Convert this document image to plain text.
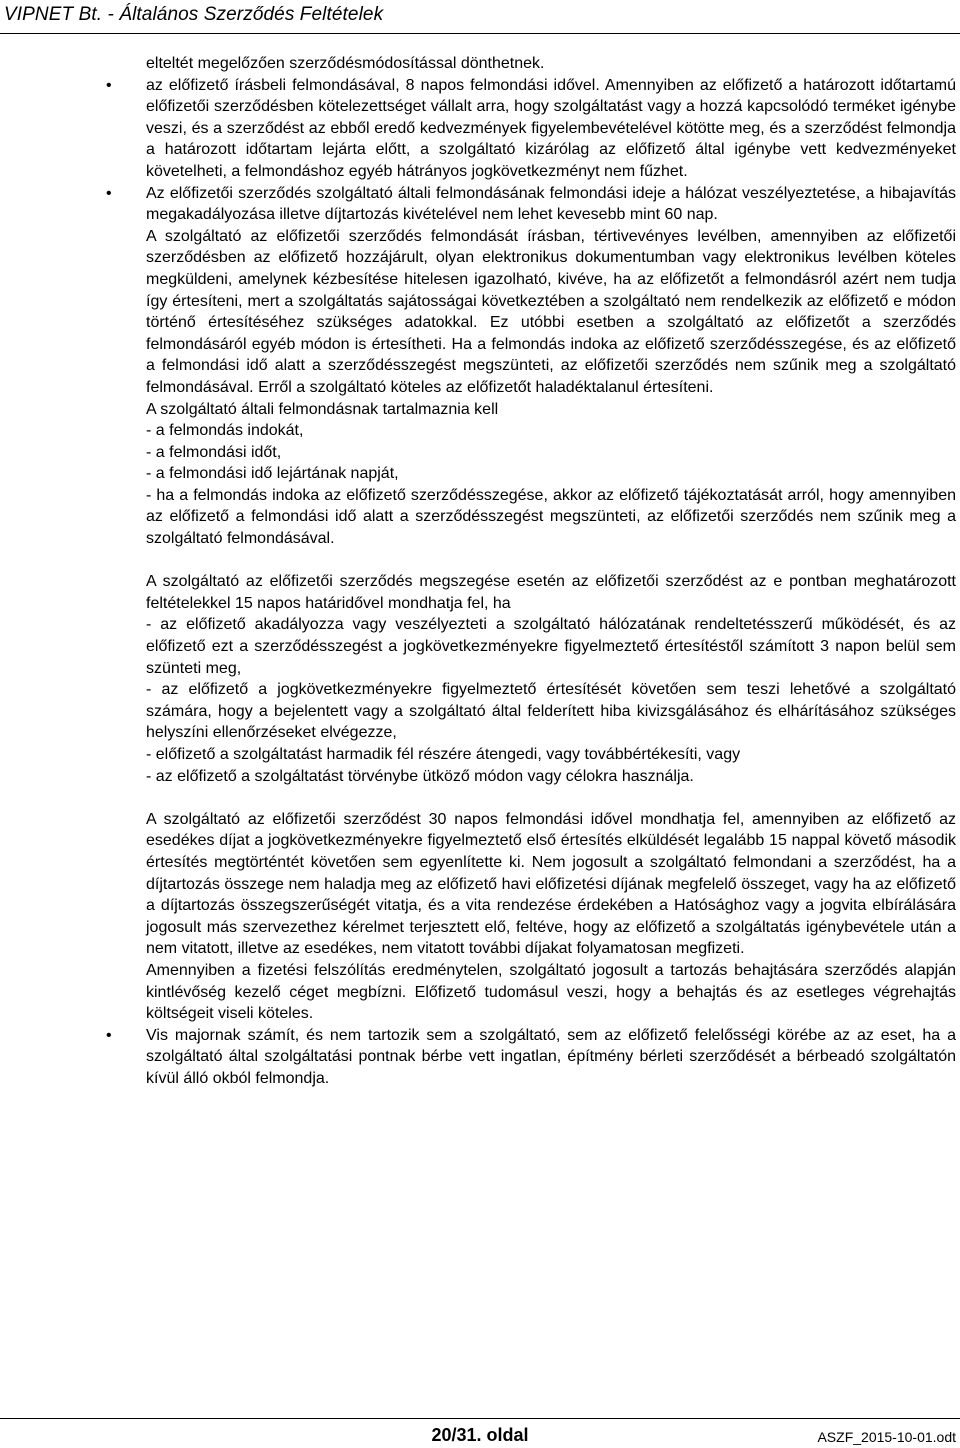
VIPNET Bt. - Általános Szerződés Feltételek

elteltét megelőzően szerződésmódosítással dönthetnek.

• az előfizető írásbeli felmondásával, 8 napos felmondási idővel. Amennyiben az előfizető a határozott időtartamú előfizetői szerződésben kötelezettséget vállalt arra, hogy szolgáltatást vagy a hozzá kapcsolódó terméket igénybe veszi, és a szerződést az ebből eredő kedvezmények figyelembevételével kötötte meg, és a szerződést felmondja a határozott időtartam lejárta előtt, a szolgáltató kizárólag az előfizető által igénybe vett kedvezményeket követelheti, a felmondáshoz egyéb hátrányos jogkövetkezményt nem fűzhet.

• Az előfizetői szerződés szolgáltató általi felmondásának felmondási ideje a hálózat veszélyeztetése, a hibajavítás megakadályozása illetve díjtartozás kivételével nem lehet kevesebb mint 60 nap.

A szolgáltató az előfizetői szerződés felmondását írásban, tértivevényes levélben, amennyiben az előfizetői szerződésben az előfizető hozzájárult, olyan elektronikus dokumentumban vagy elektronikus levélben köteles megküldeni, amelynek kézbesítése hitelesen igazolható, kivéve, ha az előfizetőt a felmondásról azért nem tudja így értesíteni, mert a szolgáltatás sajátosságai következtében a szolgáltató nem rendelkezik az előfizető e módon történő értesítéséhez szükséges adatokkal. Ez utóbbi esetben a szolgáltató az előfizetőt a szerződés felmondásáról egyéb módon is értesítheti. Ha a felmondás indoka az előfizető szerződésszegése, és az előfizető a felmondási idő alatt a szerződésszegést megszünteti, az előfizetői szerződés nem szűnik meg a szolgáltató felmondásával. Erről a szolgáltató köteles az előfizetőt haladéktalanul értesíteni.

A szolgáltató általi felmondásnak tartalmaznia kell

- a felmondás indokát,

- a felmondási időt,

- a felmondási idő lejártának napját,

- ha a felmondás indoka az előfizető szerződésszegése, akkor az előfizető tájékoztatását arról, hogy amennyiben az előfizető a felmondási idő alatt a szerződésszegést megszünteti, az előfizetői szerződés nem szűnik meg a szolgáltató felmondásával.

A szolgáltató az előfizetői szerződés megszegése esetén az előfizetői szerződést az e pontban meghatározott feltételekkel 15 napos határidővel mondhatja fel, ha

- az előfizető akadályozza vagy veszélyezteti a szolgáltató hálózatának rendeltetésszerű működését, és az előfizető ezt a szerződésszegést a jogkövetkezményekre figyelmeztető értesítéstől számított 3 napon belül sem szünteti meg,

- az előfizető a jogkövetkezményekre figyelmeztető értesítését követően sem teszi lehetővé a szolgáltató számára, hogy a bejelentett vagy a szolgáltató által felderített hiba kivizsgálásához és elhárításához szükséges helyszíni ellenőrzéseket elvégezze,

- előfizető a szolgáltatást harmadik fél részére átengedi, vagy továbbértékesíti, vagy

- az előfizető a szolgáltatást törvénybe ütköző módon vagy célokra használja.

A szolgáltató az előfizetői szerződést 30 napos felmondási idővel mondhatja fel, amennyiben az előfizető az esedékes díjat a jogkövetkezményekre figyelmeztető első értesítés elküldését legalább 15 nappal követő második értesítés megtörténtét követően sem egyenlítette ki. Nem jogosult a szolgáltató felmondani a szerződést, ha a díjtartozás összege nem haladja meg az előfizető havi előfizetési díjának megfelelő összeget, vagy ha az előfizető a díjtartozás összegszerűségét vitatja, és a vita rendezése érdekében a Hatósághoz vagy a jogvita elbírálására jogosult más szervezethez kérelmet terjesztett elő, feltéve, hogy az előfizető a szolgáltatás igénybevétele után a nem vitatott, illetve az esedékes, nem vitatott további díjakat folyamatosan megfizeti.

Amennyiben a fizetési felszólítás eredménytelen, szolgáltató jogosult a tartozás behajtására szerződés alapján kintlévőség kezelő céget megbízni. Előfizető tudomásul veszi, hogy a behajtás és az esetleges végrehajtás költségeit viseli köteles.

• Vis majornak számít, és nem tartozik sem a szolgáltató, sem az előfizető felelősségi körébe az az eset, ha a szolgáltató által szolgáltatási pontnak bérbe vett ingatlan, építmény bérleti szerződését a bérbeadó szolgáltatón kívül álló okból felmondja.

20/31. oldal	ASZF_2015-10-01.odt
